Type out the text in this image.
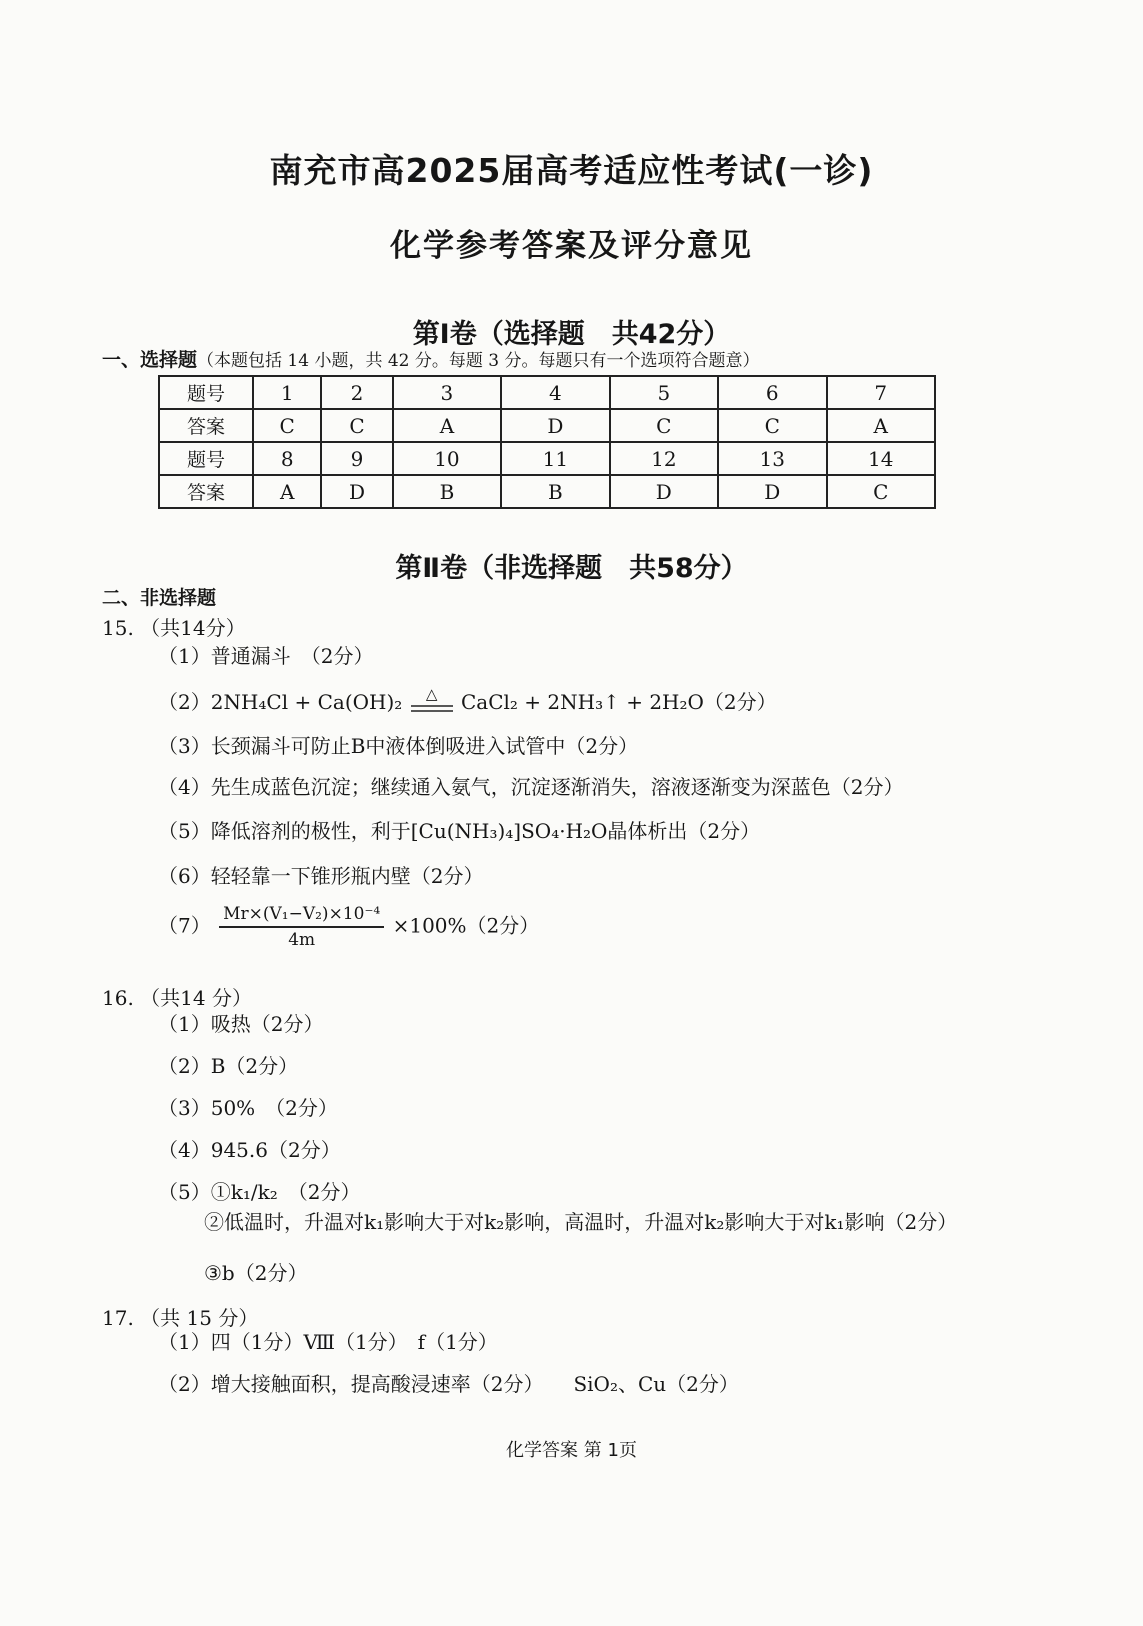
南充市高2025届高考适应性考试(一诊)
化学参考答案及评分意见
第Ⅰ卷（选择题　共42分）
一、选择题（本题包括 14 小题，共 42 分。每题 3 分。每题只有一个选项符合题意）
题号	1	2	3	4	5	6	7
答案	C	C	A	D	C	C	A
题号	8	9	10	11	12	13	14
答案	A	D	B	B	D	D	C
第Ⅱ卷（非选择题　共58分）
二、非选择题
15. （共14分）
（1）普通漏斗　（2分）
（2）2NH₄Cl + Ca(OH)₂	△	CaCl₂ + 2NH₃↑ + 2H₂O（2分）
（3）长颈漏斗可防止B中液体倒吸进入试管中（2分）
（4）先生成蓝色沉淀；继续通入氨气，沉淀逐渐消失，溶液逐渐变为深蓝色（2分）
（5）降低溶剂的极性，利于[Cu(NH₃)₄]SO₄·H₂O晶体析出（2分）
（6）轻轻靠一下锥形瓶内壁（2分）
$(7) \frac{\text{Mr×(V₁−V₂)×10⁻⁴}}{4m} \times 100\%(2$分）
16. （共14 分）
（1）吸热（2分）
（2）B（2分）
（3）50%　（2分）
（4）945.6（2分）
（5）①k₁/k₂　（2分）
②低温时，升温对k₁影响大于对k₂影响，高温时，升温对k₂影响大于对k₁影响（2分）
③b（2分）
17. （共 15 分）
（1）四（1分）Ⅷ（1分）　f（1分）
（2）增大接触面积，提高酸浸速率（2分）　　SiO₂、Cu（2分）
化学答案 第 1页
